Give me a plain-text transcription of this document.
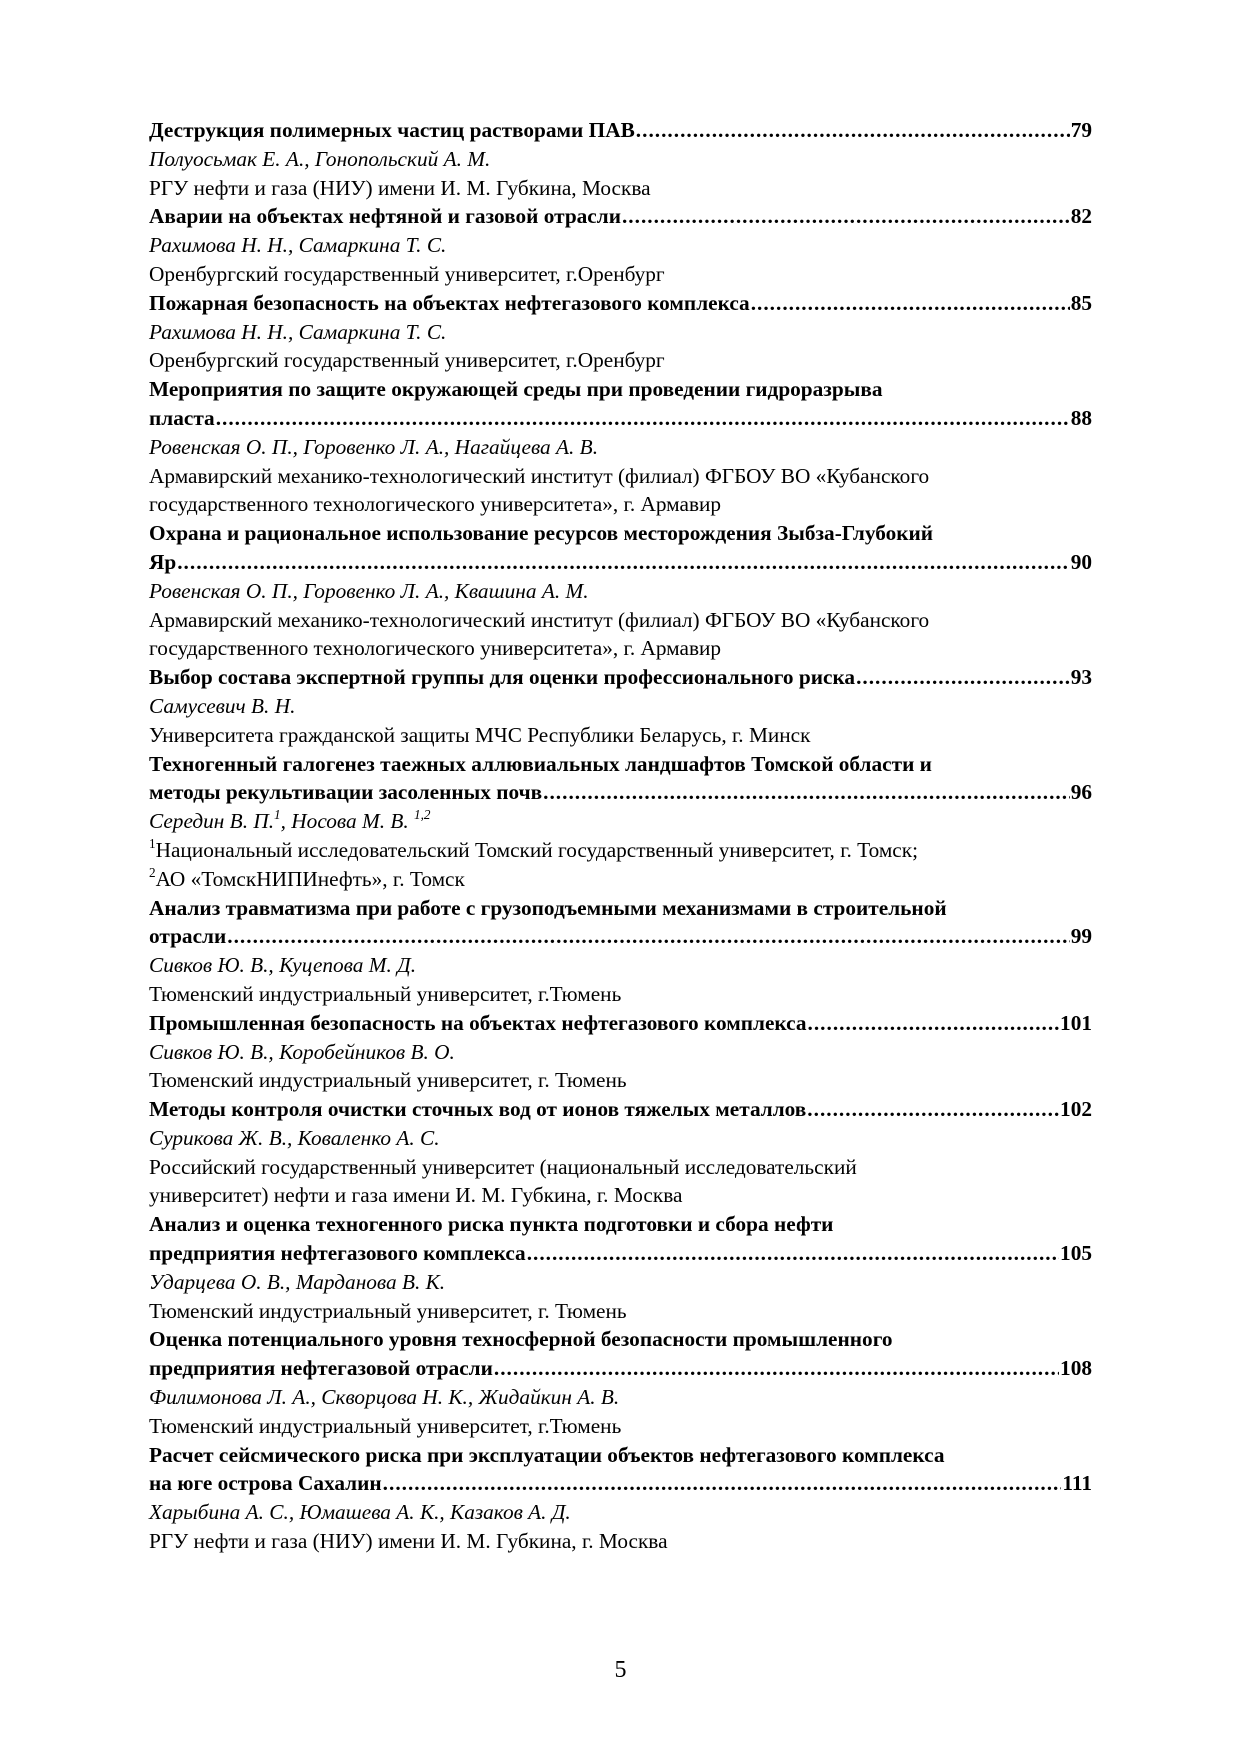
Деструкция полимерных частиц растворами ПАВ .....	79
Полуосьмак Е. А., Гонопольский А. М.
РГУ нефти и газа (НИУ) имени И. М. Губкина, Москва
Аварии на объектах нефтяной и газовой отрасли .....	82
Рахимова Н. Н., Самаркина Т. С.
Оренбургский государственный университет, г.Оренбург
Пожарная безопасность на объектах нефтегазового комплекса .....	85
Рахимова Н. Н., Самаркина Т. С.
Оренбургский государственный университет, г.Оренбург
Мероприятия по защите окружающей среды при проведении гидроразрыва
пласта .....	88
Ровенская О. П., Горовенко Л. А., Нагайцева А. В.
Армавирский механико-технологический институт (филиал) ФГБОУ ВО «Кубанского
государственного технологического университета», г. Армавир
Охрана и рациональное использование ресурсов месторождения Зыбза-Глубокий
Яр .....	90
Ровенская О. П., Горовенко Л. А., Квашина А. М.
Армавирский механико-технологический институт (филиал) ФГБОУ ВО «Кубанского
государственного технологического университета», г. Армавир
Выбор состава экспертной группы для оценки профессионального риска .....	93
Самусевич В. Н.
Университета гражданской защиты МЧС Республики Беларусь, г. Минск
Техногенный галогенез таежных аллювиальных ландшафтов Томской области и
методы рекультивации засоленных почв .....	96
Середин В. П.$^1$, Носова М. В. $^{1,2}$
$^1$Национальный исследовательский Томский государственный университет, г. Томск;
$^2$АО «ТомскНИПИнефть», г. Томск
Анализ травматизма при работе с грузоподъемными механизмами в строительной
отрасли .....	99
Сивков Ю. В., Куцепова М. Д.
Тюменский индустриальный университет, г.Тюмень
Промышленная безопасность на объектах нефтегазового комплекса .....	101
Сивков Ю. В., Коробейников В. О.
Тюменский индустриальный университет, г. Тюмень
Методы контроля очистки сточных вод от ионов тяжелых металлов .....	102
Сурикова Ж. В., Коваленко А. С.
Российский государственный университет (национальный исследовательский
университет) нефти и газа имени И. М. Губкина, г. Москва
Анализ и оценка техногенного риска пункта подготовки и сбора нефти
предприятия нефтегазового комплекса .....	105
Ударцева О. В., Марданова В. К.
Тюменский индустриальный университет, г. Тюмень
Оценка потенциального уровня техносферной безопасности промышленного
предприятия нефтегазовой отрасли .....	108
Филимонова Л. А., Скворцова Н. К., Жидайкин А. В.
Тюменский индустриальный университет, г.Тюмень
Расчет сейсмического риска при эксплуатации объектов нефтегазового комплекса
на юге острова Сахалин .....	111
Харыбина А. С., Юмашева А. К., Казаков А. Д.
РГУ нефти и газа (НИУ) имени И. М. Губкина, г. Москва
5
